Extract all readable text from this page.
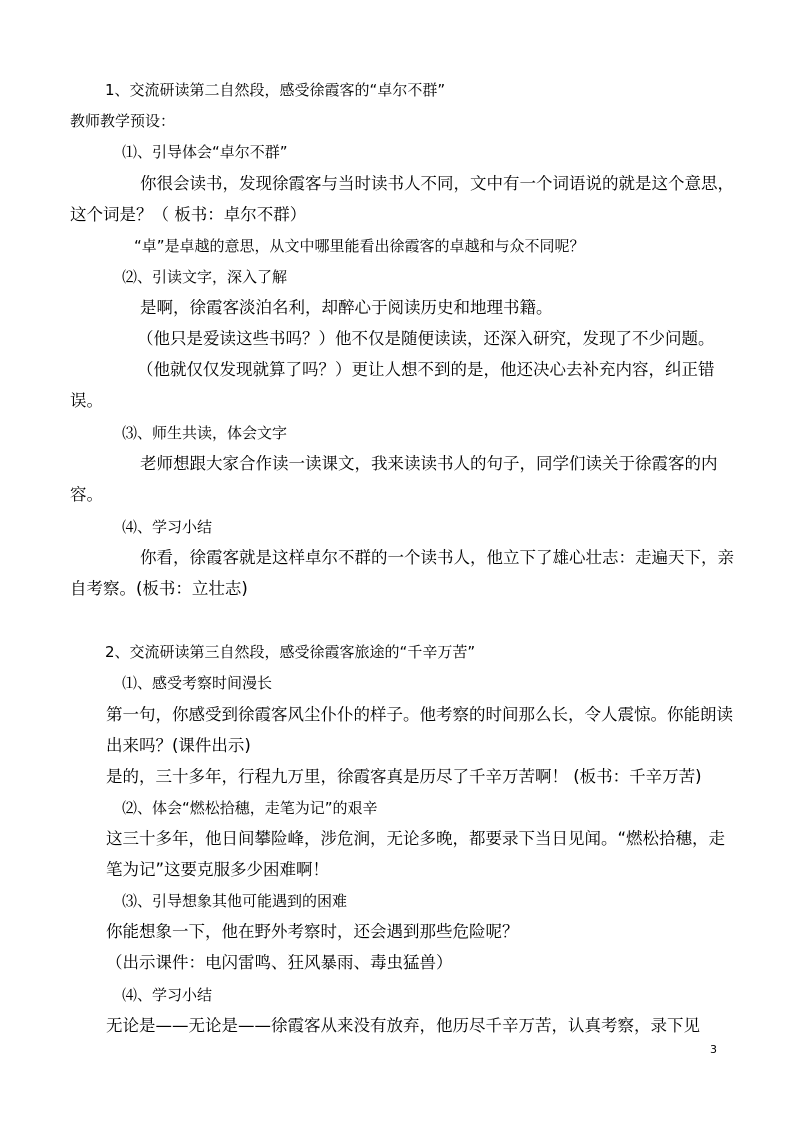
1、交流研读第二自然段，感受徐霞客的“卓尔不群”

教师教学预设：

⑴、引导体会“卓尔不群”

你很会读书，发现徐霞客与当时读书人不同，文中有一个词语说的就是这个意思，

这个词是？（ 板书：卓尔不群）

“卓”是卓越的意思，从文中哪里能看出徐霞客的卓越和与众不同呢？

⑵、引读文字，深入了解

是啊，徐霞客淡泊名利，却醉心于阅读历史和地理书籍。

（他只是爱读这些书吗？）他不仅是随便读读，还深入研究，发现了不少问题。

（他就仅仅发现就算了吗？）更让人想不到的是，他还决心去补充内容，纠正错

误。

⑶、师生共读，体会文字

老师想跟大家合作读一读课文，我来读读书人的句子，同学们读关于徐霞客的内

容。

⑷、学习小结

你看，徐霞客就是这样卓尔不群的一个读书人，他立下了雄心壮志：走遍天下，亲

自考察。(板书：立壮志)

2、交流研读第三自然段，感受徐霞客旅途的“千辛万苦”

⑴、感受考察时间漫长

第一句，你感受到徐霞客风尘仆仆的样子。他考察的时间那么长，令人震惊。你能朗读

出来吗？(课件出示)

是的，三十多年，行程九万里，徐霞客真是历尽了千辛万苦啊！ (板书：千辛万苦)

⑵、体会“燃松拾穗，走笔为记”的艰辛

这三十多年，他日间攀险峰，涉危涧，无论多晚，都要录下当日见闻。“燃松拾穗，走

笔为记”这要克服多少困难啊！

⑶、引导想象其他可能遇到的困难

你能想象一下，他在野外考察时，还会遇到那些危险呢？

（出示课件：电闪雷鸣、狂风暴雨、毒虫猛兽）

⑷、学习小结

无论是——无论是——徐霞客从来没有放弃，他历尽千辛万苦，认真考察，录下见

3
